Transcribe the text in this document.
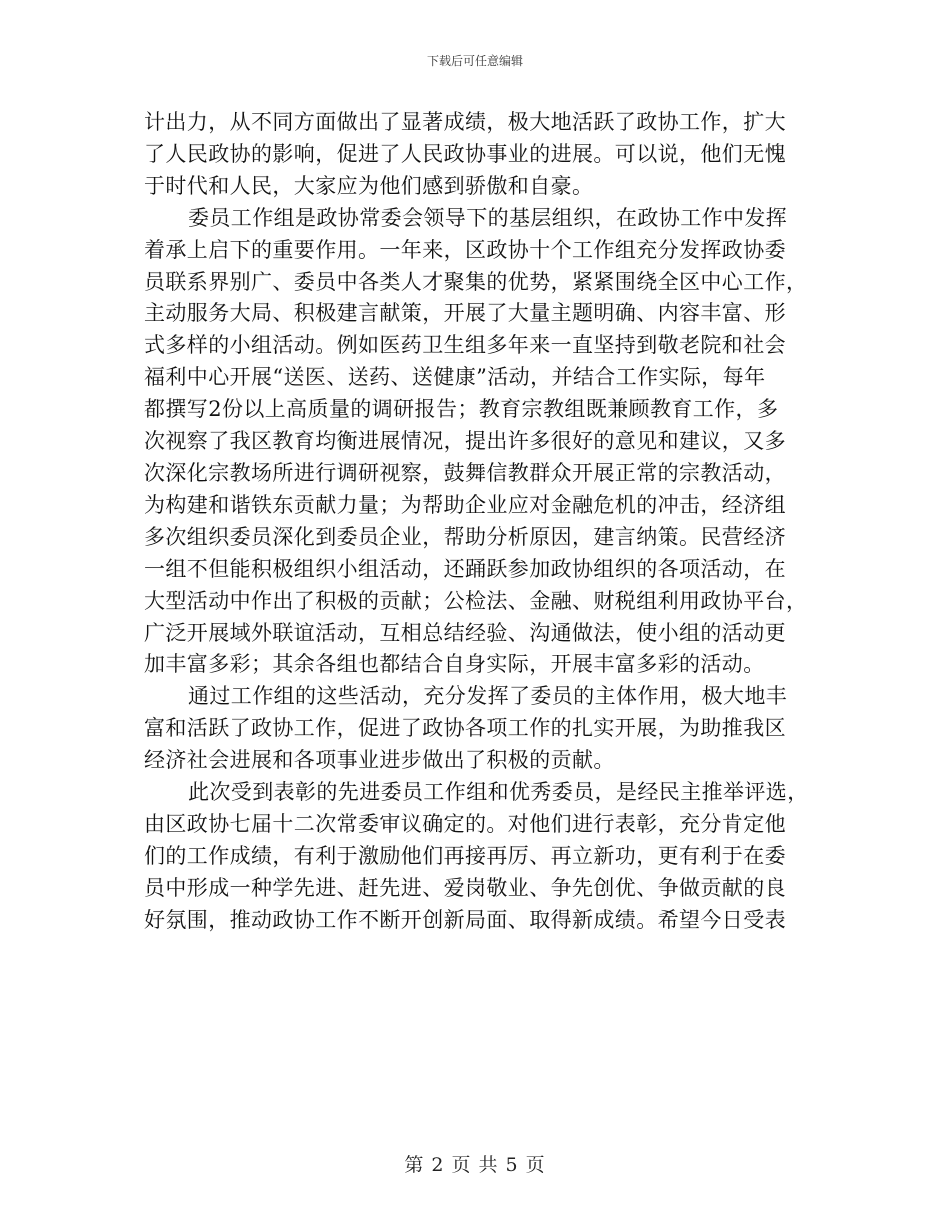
下载后可任意编辑

计出力，从不同方面做出了显著成绩，极大地活跃了政协工作，扩大
了人民政协的影响，促进了人民政协事业的进展。可以说，他们无愧
于时代和人民，大家应为他们感到骄傲和自豪。

委员工作组是政协常委会领导下的基层组织，在政协工作中发挥
着承上启下的重要作用。一年来，区政协十个工作组充分发挥政协委
员联系界别广、委员中各类人才聚集的优势，紧紧围绕全区中心工作，
主动服务大局、积极建言献策，开展了大量主题明确、内容丰富、形
式多样的小组活动。例如医药卫生组多年来一直坚持到敬老院和社会
福利中心开展“送医、送药、送健康”活动，并结合工作实际，每年
都撰写2份以上高质量的调研报告；教育宗教组既兼顾教育工作，多
次视察了我区教育均衡进展情况，提出许多很好的意见和建议，又多
次深化宗教场所进行调研视察，鼓舞信教群众开展正常的宗教活动，
为构建和谐铁东贡献力量；为帮助企业应对金融危机的冲击，经济组
多次组织委员深化到委员企业，帮助分析原因，建言纳策。民营经济
一组不但能积极组织小组活动，还踊跃参加政协组织的各项活动，在
大型活动中作出了积极的贡献；公检法、金融、财税组利用政协平台，
广泛开展域外联谊活动，互相总结经验、沟通做法，使小组的活动更
加丰富多彩；其余各组也都结合自身实际，开展丰富多彩的活动。

通过工作组的这些活动，充分发挥了委员的主体作用，极大地丰
富和活跃了政协工作，促进了政协各项工作的扎实开展，为助推我区
经济社会进展和各项事业进步做出了积极的贡献。

此次受到表彰的先进委员工作组和优秀委员，是经民主推举评选，
由区政协七届十二次常委审议确定的。对他们进行表彰，充分肯定他
们的工作成绩，有利于激励他们再接再厉、再立新功，更有利于在委
员中形成一种学先进、赶先进、爱岗敬业、争先创优、争做贡献的良
好氛围，推动政协工作不断开创新局面、取得新成绩。希望今日受表

第 2 页 共 5 页
